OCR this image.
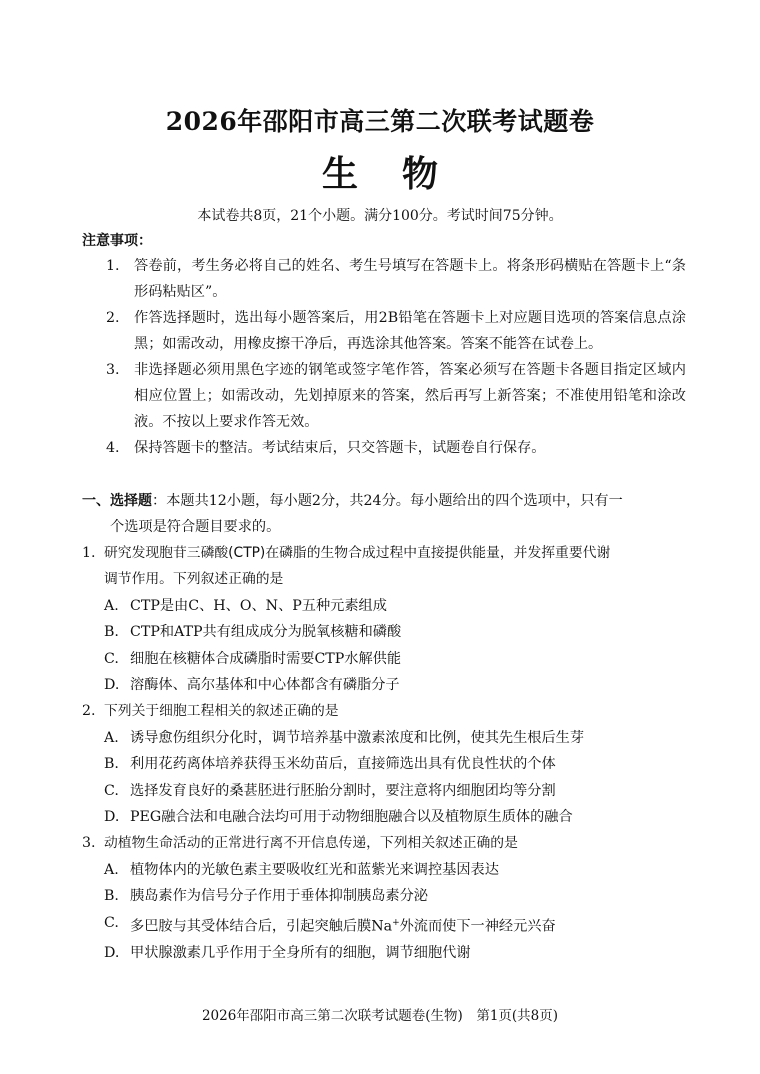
2026年邵阳市高三第二次联考试题卷
生物
本试卷共8页，21个小题。满分100分。考试时间75分钟。
注意事项：
1.	答卷前，考生务必将自己的姓名、考生号填写在答题卡上。将条形码横贴在答题卡上“条形码粘贴区”。
2.	作答选择题时，选出每小题答案后，用2B铅笔在答题卡上对应题目选项的答案信息点涂黑；如需改动，用橡皮擦干净后，再选涂其他答案。答案不能答在试卷上。
3.	非选择题必须用黑色字迹的钢笔或签字笔作答，答案必须写在答题卡各题目指定区域内相应位置上；如需改动，先划掉原来的答案，然后再写上新答案；不准使用铅笔和涂改液。不按以上要求作答无效。
4.	保持答题卡的整洁。考试结束后，只交答题卡，试题卷自行保存。
一、选择题：本题共12小题，每小题2分，共24分。每小题给出的四个选项中，只有一
个选项是符合题目要求的。
1. 研究发现胞苷三磷酸(CTP)在磷脂的生物合成过程中直接提供能量，并发挥重要代谢
调节作用。下列叙述正确的是
A. CTP是由C、H、O、N、P五种元素组成
B. CTP和ATP共有组成成分为脱氧核糖和磷酸
C. 细胞在核糖体合成磷脂时需要CTP水解供能
D. 溶酶体、高尔基体和中心体都含有磷脂分子
2. 下列关于细胞工程相关的叙述正确的是
A. 诱导愈伤组织分化时，调节培养基中激素浓度和比例，使其先生根后生芽
B. 利用花药离体培养获得玉米幼苗后，直接筛选出具有优良性状的个体
C. 选择发育良好的桑葚胚进行胚胎分割时，要注意将内细胞团均等分割
D. PEG融合法和电融合法均可用于动物细胞融合以及植物原生质体的融合
3. 动植物生命活动的正常进行离不开信息传递，下列相关叙述正确的是
A. 植物体内的光敏色素主要吸收红光和蓝紫光来调控基因表达
B. 胰岛素作为信号分子作用于垂体抑制胰岛素分泌
C. 多巴胺与其受体结合后，引起突触后膜Na+外流而使下一神经元兴奋
D. 甲状腺激素几乎作用于全身所有的细胞，调节细胞代谢
2026年邵阳市高三第二次联考试题卷(生物)　第1页(共8页)
